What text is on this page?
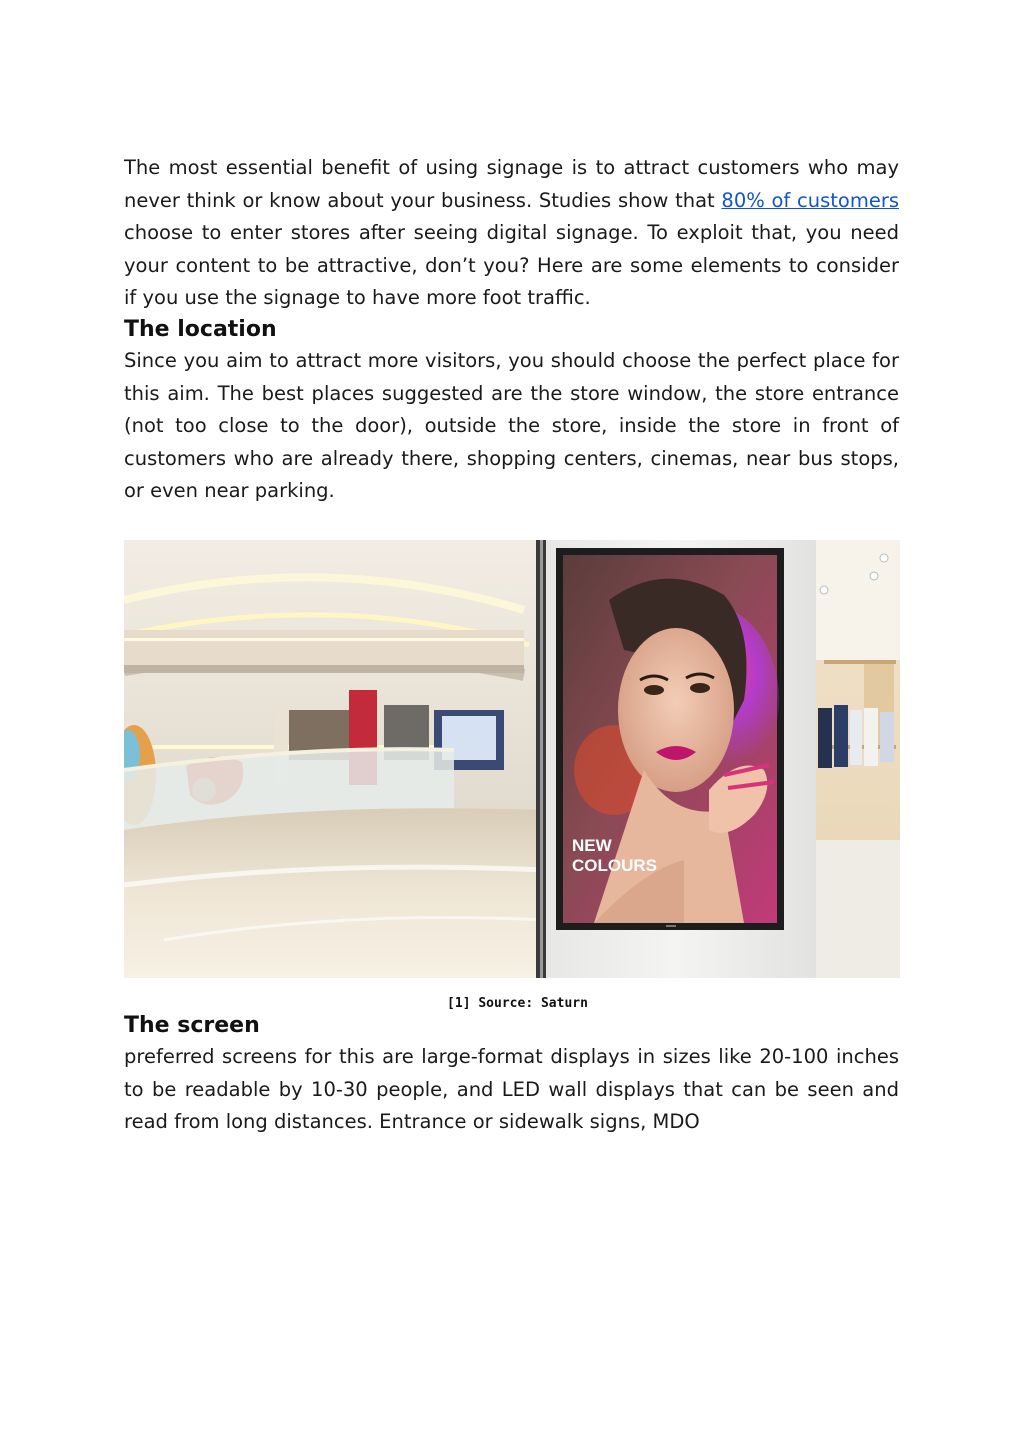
The most essential benefit of using signage is to attract customers who may never think or know about your business. Studies show that 80% of customers choose to enter stores after seeing digital signage. To exploit that, you need your content to be attractive, don’t you? Here are some elements to consider if you use the signage to have more foot traffic.

The location

Since you aim to attract more visitors, you should choose the perfect place for this aim. The best places suggested are the store window, the store entrance (not too close to the door), outside the store, inside the store in front of customers who are already there, shopping centers, cinemas, near bus stops, or even near parking.

NEW
COLOURS
[1] Source: Saturn
The screen

preferred screens for this are large-format displays in sizes like 20-100 inches to be readable by 10-30 people, and LED wall displays that can be seen and read from long distances. Entrance or sidewalk signs, MDO
